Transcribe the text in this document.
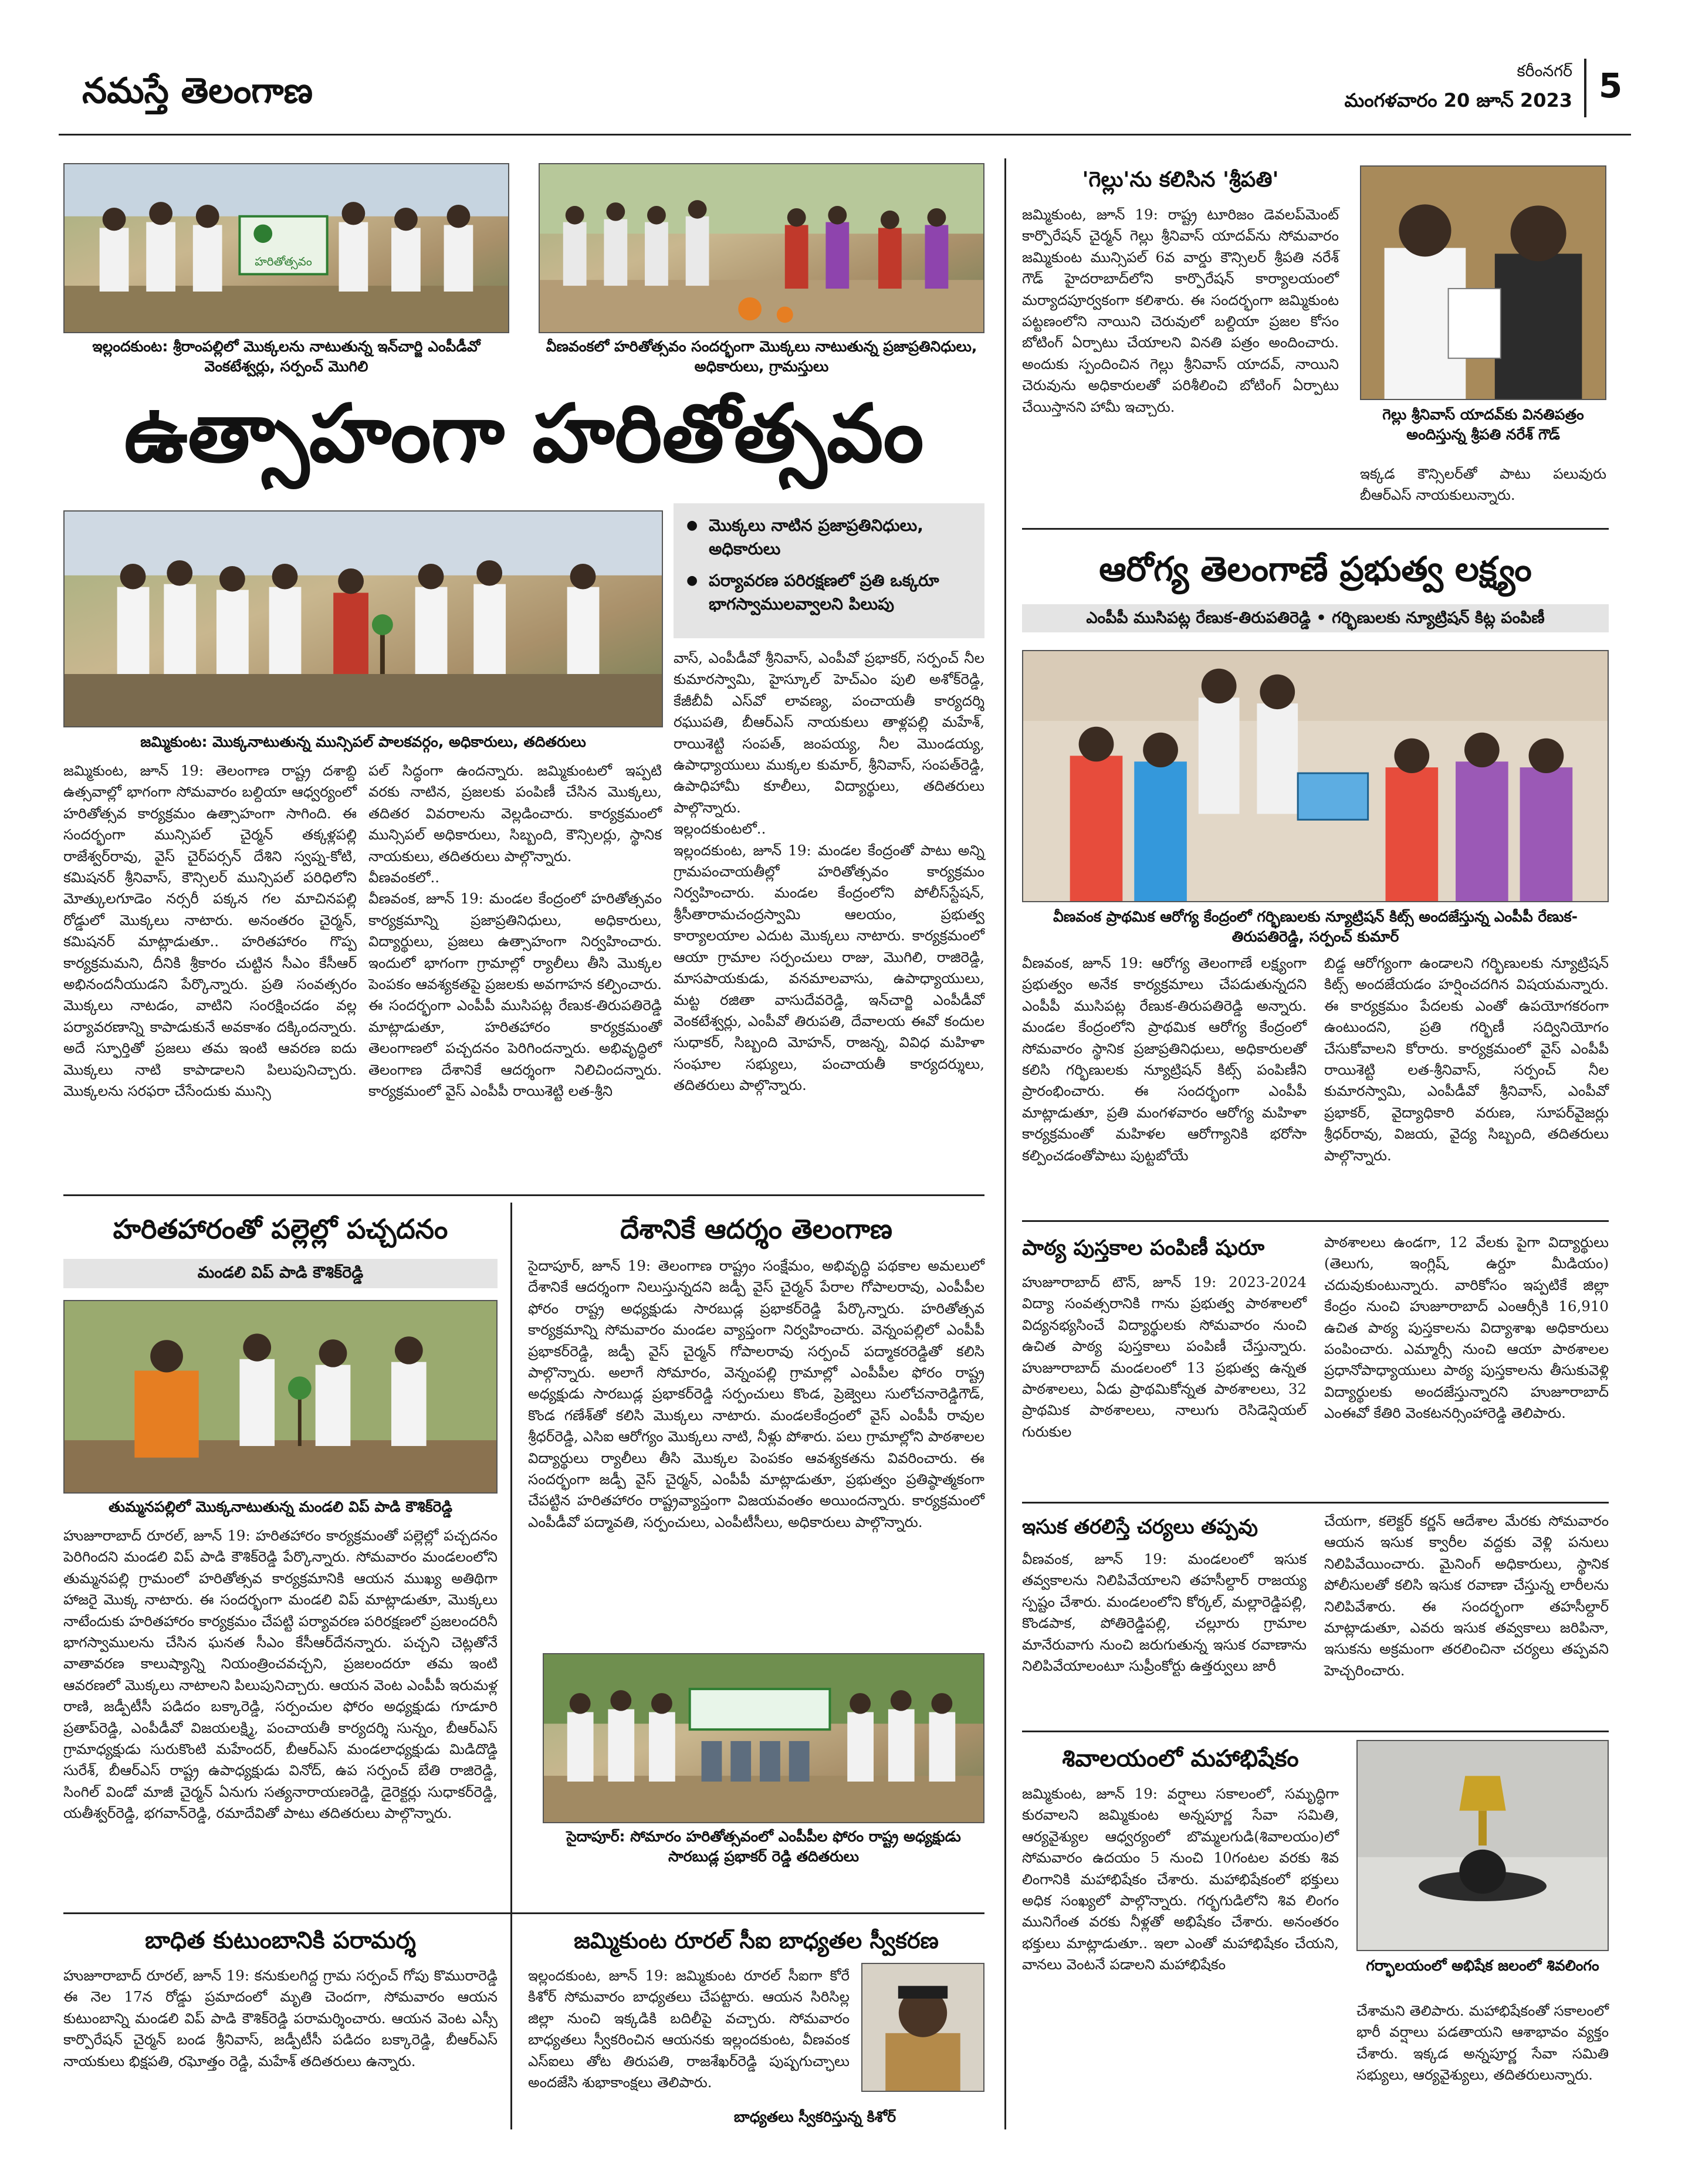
నమస్తే తెలంగాణ	కరీంనగర్
మంగళవారం 20 జూన్ 2023 5
హరితోత్సవం
ఇల్లందకుంట: శ్రీరాంపల్లిలో మొక్కలను నాటుతున్న ఇన్‌చార్జి ఎంపీడీవో వెంకటేశ్వర్లు, సర్పంచ్ మొగిలి
వీణవంకలో హరితోత్సవం సందర్భంగా మొక్కలు నాటుతున్న ప్రజాప్రతినిధులు, అధికారులు, గ్రామస్తులు
ఉత్సాహంగా హరితోత్సవం
జమ్మికుంట: మొక్కనాటుతున్న మున్సిపల్ పాలకవర్గం, అధికారులు, తదితరులు
● మొక్కలు నాటిన ప్రజాప్రతినిధులు, అధికారులు
● పర్యావరణ పరిరక్షణలో ప్రతి ఒక్కరూ భాగస్వాములవ్వాలని పిలుపు
జమ్మికుంట, జూన్ 19: తెలంగాణ రాష్ట్ర దశాబ్ది ఉత్సవాల్లో భాగంగా సోమవారం బల్దియా ఆధ్వర్యంలో హరితోత్సవ కార్యక్రమం ఉత్సాహంగా సాగింది. ఈ సందర్భంగా మున్సిపల్ చైర్మన్ తక్కళ్లపల్లి రాజేశ్వర్‌రావు, వైస్ చైర్‌పర్సన్ దేశిని స్వప్న-కోటి, కమిషనర్ శ్రీనివాస్, కౌన్సిలర్ మున్సిపల్ పరిధిలోని మోత్కులగూడెం నర్సరీ పక్కన గల మాచినపల్లి రోడ్డులో మొక్కలు నాటారు. అనంతరం చైర్మన్, కమిషనర్ మాట్లాడుతూ.. హరితహారం గొప్ప కార్యక్రమమని, దీనికి శ్రీకారం చుట్టిన సీఎం కేసీఆర్ అభినందనీయుడని పేర్కొన్నారు. ప్రతి సంవత్సరం మొక్కలు నాటడం, వాటిని సంరక్షించడం వల్ల పర్యావరణాన్ని కాపాడుకునే అవకాశం దక్కిందన్నారు. అదే స్ఫూర్తితో ప్రజలు తమ ఇంటి ఆవరణ ఐదు మొక్కలు నాటి కాపాడాలని పిలుపునిచ్చారు. మొక్కలను సరఫరా చేసేందుకు మున్సి
పల్ సిద్ధంగా ఉందన్నారు. జమ్మికుంటలో ఇప్పటి వరకు నాటిన, ప్రజలకు పంపిణీ చేసిన మొక్కలు, తదితర వివరాలను వెల్లడించారు. కార్యక్రమంలో మున్సిపల్ అధికారులు, సిబ్బంది, కౌన్సిలర్లు, స్థానిక నాయకులు, తదితరులు పాల్గొన్నారు.
వీణవంకలో..
వీణవంక, జూన్ 19: మండల కేంద్రంలో హరితోత్సవం కార్యక్రమాన్ని ప్రజాప్రతినిధులు, అధికారులు, విద్యార్థులు, ప్రజలు ఉత్సాహంగా నిర్వహించారు. ఇందులో భాగంగా గ్రామాల్లో ర్యాలీలు తీసి మొక్కల పెంపకం ఆవశ్యకతపై ప్రజలకు అవగాహన కల్పించారు. ఈ సందర్భంగా ఎంపీపీ ముసిపట్ల రేణుక-తిరుపతిరెడ్డి మాట్లాడుతూ, హరితహారం కార్యక్రమంతో తెలంగాణలో పచ్చదనం పెరిగిందన్నారు. అభివృద్ధిలో తెలంగాణ దేశానికే ఆదర్శంగా నిలిచిందన్నారు. కార్యక్రమంలో వైస్ ఎంపీపీ రాయిశెట్టి లత-శ్రీని
వాస్, ఎంపీడీవో శ్రీనివాస్, ఎంపీవో ప్రభాకర్, సర్పంచ్ నీల కుమారస్వామి, హైస్కూల్ హెచ్‌ఎం పులి అశోక్‌రెడ్డి, కేజీబీవీ ఎస్‌వో లావణ్య, పంచాయతీ కార్యదర్శి రఘుపతి, బీఆర్‌ఎస్ నాయకులు తాళ్లపల్లి మహేశ్, రాయిశెట్టి సంపత్, జంపయ్య, నీల మొండయ్య, ఉపాధ్యాయులు ముక్కల కుమార్, శ్రీనివాస్, సంపత్‌రెడ్డి, ఉపాధిహామీ కూలీలు, విద్యార్థులు, తదితరులు పాల్గొన్నారు.
ఇల్లందకుంటలో..
ఇల్లందకుంట, జూన్ 19: మండల కేంద్రంతో పాటు అన్ని గ్రామపంచాయతీల్లో హరితోత్సవం కార్యక్రమం నిర్వహించారు. మండల కేంద్రంలోని పోలీస్‌స్టేషన్, శ్రీసీతారామచంద్రస్వామి ఆలయం, ప్రభుత్వ కార్యాలయాల ఎదుట మొక్కలు నాటారు. కార్యక్రమంలో ఆయా గ్రామాల సర్పంచులు రాజు, మొగిలి, రాజిరెడ్డి, మాసపాయకుడు, వనమాలవాసు, ఉపాధ్యాయులు, మట్ట రజితా వాసుదేవరెడ్డి, ఇన్‌చార్జి ఎంపీడీవో వెంకటేశ్వర్లు, ఎంపీవో తిరుపతి, దేవాలయ ఈవో కందుల సుధాకర్, సిబ్బంది మోహన్, రాజన్న, వివిధ మహిళా సంఘాల సభ్యులు, పంచాయతీ కార్యదర్శులు, తదితరులు పాల్గొన్నారు.
'గెల్లు'ను కలిసిన 'శ్రీపతి'
జమ్మికుంట, జూన్ 19: రాష్ట్ర టూరిజం డెవలప్‌మెంట్ కార్పొరేషన్ చైర్మన్ గెల్లు శ్రీనివాస్ యాదవ్‌ను సోమవారం జమ్మికుంట మున్సిపల్ 6వ వార్డు కౌన్సిలర్ శ్రీపతి నరేశ్ గౌడ్ హైదరాబాద్‌లోని కార్పొరేషన్ కార్యాలయంలో మర్యాదపూర్వకంగా కలిశారు. ఈ సందర్భంగా జమ్మికుంట పట్టణంలోని నాయిని చెరువులో బల్దియా ప్రజల కోసం బోటింగ్ ఏర్పాటు చేయాలని వినతి పత్రం అందించారు. అందుకు స్పందించిన గెల్లు శ్రీనివాస్ యాదవ్, నాయిని చెరువును అధికారులతో పరిశీలించి బోటింగ్ ఏర్పాటు చేయిస్తానని హామీ ఇచ్చారు.	గెల్లు శ్రీనివాస్ యాదవ్‌కు వినతిపత్రం అందిస్తున్న శ్రీపతి నరేశ్ గౌడ్
ఇక్కడ కౌన్సిలర్‌తో పాటు పలువురు బీఆర్‌ఎస్ నాయకులున్నారు.
ఆరోగ్య తెలంగాణే ప్రభుత్వ లక్ష్యం
ఎంపీపీ ముసిపట్ల రేణుక-తిరుపతిరెడ్డి • గర్భిణులకు న్యూట్రిషన్ కిట్ల పంపిణీ
వీణవంక ప్రాథమిక ఆరోగ్య కేంద్రంలో గర్భిణులకు న్యూట్రిషన్ కిట్స్ అందజేస్తున్న ఎంపీపీ రేణుక-తిరుపతిరెడ్డి, సర్పంచ్ కుమార్
వీణవంక, జూన్ 19: ఆరోగ్య తెలంగాణే లక్ష్యంగా ప్రభుత్వం అనేక కార్యక్రమాలు చేపడుతున్నదని ఎంపీపీ ముసిపట్ల రేణుక-తిరుపతిరెడ్డి అన్నారు. మండల కేంద్రంలోని ప్రాథమిక ఆరోగ్య కేంద్రంలో సోమవారం స్థానిక ప్రజాప్రతినిధులు, అధికారులతో కలిసి గర్భిణులకు న్యూట్రిషన్ కిట్స్ పంపిణీని ప్రారంభించారు. ఈ సందర్భంగా ఎంపీపీ మాట్లాడుతూ, ప్రతి మంగళవారం ఆరోగ్య మహిళా కార్యక్రమంతో మహిళల ఆరోగ్యానికి భరోసా కల్పించడంతోపాటు పుట్టబోయే
బిడ్డ ఆరోగ్యంగా ఉండాలని గర్భిణులకు న్యూట్రిషన్ కిట్స్ అందజేయడం హర్షించదగిన విషయమన్నారు. ఈ కార్యక్రమం పేదలకు ఎంతో ఉపయోగకరంగా ఉంటుందని, ప్రతి గర్భిణీ సద్వినియోగం చేసుకోవాలని కోరారు. కార్యక్రమంలో వైస్ ఎంపీపీ రాయిశెట్టి లత-శ్రీనివాస్, సర్పంచ్ నీల కుమారస్వామి, ఎంపీడీవో శ్రీనివాస్, ఎంపీవో ప్రభాకర్, వైద్యాధికారి వరుణ, సూపర్‌వైజర్లు శ్రీధర్‌రావు, విజయ, వైద్య సిబ్బంది, తదితరులు పాల్గొన్నారు.
పాఠ్య పుస్తకాల పంపిణీ షురూ
హుజూరాబాద్ టౌన్, జూన్ 19: 2023-2024 విద్యా సంవత్సరానికి గాను ప్రభుత్వ పాఠశాలలో విద్యనభ్యసించే విద్యార్థులకు సోమవారం నుంచి ఉచిత పాఠ్య పుస్తకాలు పంపిణీ చేస్తున్నారు. హుజూరాబాద్ మండలంలో 13 ప్రభుత్వ ఉన్నత పాఠశాలలు, ఏడు ప్రాథమికోన్నత పాఠశాలలు, 32 ప్రాథమిక పాఠశాలలు, నాలుగు రెసిడెన్షియల్ గురుకుల
పాఠశాలలు ఉండగా, 12 వేలకు పైగా విద్యార్థులు (తెలుగు, ఇంగ్లిష్, ఉర్దూ మీడియం) చదువుకుంటున్నారు. వారికోసం ఇప్పటికే జిల్లా కేంద్రం నుంచి హుజూరాబాద్ ఎంఆర్సీకి 16,910 ఉచిత పాఠ్య పుస్తకాలను విద్యాశాఖ అధికారులు పంపించారు. ఎమ్మార్సీ నుంచి ఆయా పాఠశాలల ప్రధానోపాధ్యాయులు పాఠ్య పుస్తకాలను తీసుకువెళ్లి విద్యార్థులకు అందజేస్తున్నారని హుజూరాబాద్ ఎంఈవో కేతిరి వెంకటనర్సింహారెడ్డి తెలిపారు.
ఇసుక తరలిస్తే చర్యలు తప్పవు
వీణవంక, జూన్ 19: మండలంలో ఇసుక తవ్వకాలను నిలిపివేయాలని తహసీల్దార్ రాజయ్య స్పష్టం చేశారు. మండలంలోని కోర్కల్, మల్లారెడ్డిపల్లి, కొండపాక, పోతిరెడ్డిపల్లి, చల్లూరు గ్రామాల మానేరువాగు నుంచి జరుగుతున్న ఇసుక రవాణాను నిలిపివేయాలంటూ సుప్రీంకోర్టు ఉత్తర్వులు జారీ
చేయగా, కలెక్టర్ కర్ణన్ ఆదేశాల మేరకు సోమవారం ఆయన ఇసుక క్వారీల వద్దకు వెళ్లి పనులు నిలిపివేయించారు. మైనింగ్ అధికారులు, స్థానిక పోలీసులతో కలిసి ఇసుక రవాణా చేస్తున్న లారీలను నిలిపివేశారు. ఈ సందర్భంగా తహసీల్దార్ మాట్లాడుతూ, ఎవరు ఇసుక తవ్వకాలు జరిపినా, ఇసుకను అక్రమంగా తరలించినా చర్యలు తప్పవని హెచ్చరించారు.
శివాలయంలో మహాభిషేకం
జమ్మికుంట, జూన్ 19: వర్షాలు సకాలంలో, సమృద్ధిగా కురవాలని జమ్మికుంట అన్నపూర్ణ సేవా సమితి, ఆర్యవైశ్యుల ఆధ్వర్యంలో బొమ్మలగుడి(శివాలయం)లో సోమవారం ఉదయం 5 నుంచి 10గంటల వరకు శివ లింగానికి మహాభిషేకం చేశారు. మహాభిషేకంలో భక్తులు అధిక సంఖ్యలో పాల్గొన్నారు. గర్భగుడిలోని శివ లింగం మునిగేంత వరకు నీళ్లతో అభిషేకం చేశారు. అనంతరం భక్తులు మాట్లాడుతూ.. ఇలా ఎంతో మహాభిషేకం చేయని, వానలు వెంటనే పడాలని మహాభిషేకం	గర్భాలయంలో అభిషేక జలంలో శివలింగం
చేశామని తెలిపారు. మహాభిషేకంతో సకాలంలో భారీ వర్షాలు పడతాయని ఆశాభావం వ్యక్తం చేశారు. ఇక్కడ అన్నపూర్ణ సేవా సమితి సభ్యులు, ఆర్యవైశ్యులు, తదితరులున్నారు.
హరితహారంతో పల్లెల్లో పచ్చదనం
మండలి విప్ పాడి కౌశిక్‌రెడ్డి
తుమ్మనపల్లిలో మొక్కనాటుతున్న మండలి విప్ పాడి కౌశిక్‌రెడ్డి
హుజూరాబాద్ రూరల్, జూన్ 19: హరితహారం కార్యక్రమంతో పల్లెల్లో పచ్చదనం పెరిగిందని మండలి విప్ పాడి కౌశిక్‌రెడ్డి పేర్కొన్నారు. సోమవారం మండలంలోని తుమ్మనపల్లి గ్రామంలో హరితోత్సవ కార్యక్రమానికి ఆయన ముఖ్య అతిథిగా హాజరై మొక్క నాటారు. ఈ సందర్భంగా మండలి విప్ మాట్లాడుతూ, మొక్కలు నాటేందుకు హరితహారం కార్యక్రమం చేపట్టి పర్యావరణ పరిరక్షణలో ప్రజలందరినీ భాగస్వాములను చేసిన ఘనత సీఎం కేసీఆర్‌దేనన్నారు. పచ్చని చెట్లతోనే వాతావరణ కాలుష్యాన్ని నియంత్రించవచ్చని, ప్రజలందరూ తమ ఇంటి ఆవరణలో మొక్కలు నాటాలని పిలుపునిచ్చారు. ఆయన వెంట ఎంపీపీ ఇరుమళ్ల రాణి, జడ్పీటీసీ పడిదం బక్కారెడ్డి, సర్పంచుల ఫోరం అధ్యక్షుడు గూడూరి ప్రతాప్‌రెడ్డి, ఎంపీడీవో విజయలక్ష్మి, పంచాయతీ కార్యదర్శి సున్నం, బీఆర్‌ఎస్ గ్రామాధ్యక్షుడు సురుకొంటి మహేందర్, బీఆర్‌ఎస్ మండలాధ్యక్షుడు మిడిదొడ్డి సురేశ్, బీఆర్‌ఎస్ రాష్ట్ర ఉపాధ్యక్షుడు వినోద్, ఉప సర్పంచ్ బేతి రాజిరెడ్డి, సింగిల్ విండో మాజీ చైర్మన్ ఏనుగు సత్యనారాయణరెడ్డి, డైరెక్టర్లు సుధాకర్‌రెడ్డి, యతీశ్వర్‌రెడ్డి, భగవాన్‌రెడ్డి, రమాదేవితో పాటు తదితరులు పాల్గొన్నారు.
దేశానికే ఆదర్శం తెలంగాణ
సైదాపూర్, జూన్ 19: తెలంగాణ రాష్ట్రం సంక్షేమం, అభివృద్ధి పథకాల అమలులో దేశానికే ఆదర్శంగా నిలుస్తున్నదని జడ్పీ వైస్ చైర్మన్ పేరాల గోపాలరావు, ఎంపీపీల ఫోరం రాష్ట్ర అధ్యక్షుడు సారబుడ్ల ప్రభాకర్‌రెడ్డి పేర్కొన్నారు. హరితోత్సవ కార్యక్రమాన్ని సోమవారం మండల వ్యాప్తంగా నిర్వహించారు. వెన్నంపల్లిలో ఎంపీపీ ప్రభాకర్‌రెడ్డి, జడ్పీ వైస్ చైర్మన్ గోపాలరావు సర్పంచ్ పద్మాకరరెడ్డితో కలిసి పాల్గొన్నారు. అలాగే సోమారం, వెన్నంపల్లి గ్రామాల్లో ఎంపీపీల ఫోరం రాష్ట్ర అధ్యక్షుడు సారబుడ్ల ప్రభాకర్‌రెడ్డి సర్పంచులు కొండ, ప్రెజ్వెలు సులోచనారెడ్డిగౌడ్, కొండ గణేశ్‌తో కలిసి మొక్కలు నాటారు. మండలకేంద్రంలో వైస్ ఎంపీపీ రావుల శ్రీధర్‌రెడ్డి, ఎసిఐ ఆరోగ్యం మొక్కలు నాటి, నీళ్లు పోశారు. పలు గ్రామాల్లోని పాఠశాలల విద్యార్థులు ర్యాలీలు తీసి మొక్కల పెంపకం ఆవశ్యకతను వివరించారు. ఈ సందర్భంగా జడ్పీ వైస్ చైర్మన్, ఎంపీపీ మాట్లాడుతూ, ప్రభుత్వం ప్రతిష్ఠాత్మకంగా చేపట్టిన హరితహారం రాష్ట్రవ్యాప్తంగా విజయవంతం అయిందన్నారు. కార్యక్రమంలో ఎంపీడీవో పద్మావతి, సర్పంచులు, ఎంపీటీసీలు, అధికారులు పాల్గొన్నారు.
సైదాపూర్: సోమారం హరితోత్సవంలో ఎంపీపీల ఫోరం రాష్ట్ర అధ్యక్షుడు సారబుడ్ల ప్రభాకర్ రెడ్డి తదితరులు
బాధిత కుటుంబానికి పరామర్శ
హుజూరాబాద్ రూరల్, జూన్ 19: కనుకులగిద్ద గ్రామ సర్పంచ్ గోపు కొమురారెడ్డి ఈ నెల 17న రోడ్డు ప్రమాదంలో మృతి చెందగా, సోమవారం ఆయన కుటుంబాన్ని మండలి విప్ పాడి కౌశిక్‌రెడ్డి పరామర్శించారు. ఆయన వెంట ఎస్సీ కార్పొరేషన్ చైర్మన్ బండ శ్రీనివాస్, జడ్పీటీసీ పడిదం బక్కారెడ్డి, బీఆర్‌ఎస్ నాయకులు భిక్షపతి, రఘోత్తం రెడ్డి, మహేశ్ తదితరులు ఉన్నారు.
జమ్మికుంట రూరల్ సీఐ బాధ్యతల స్వీకరణ
ఇల్లందకుంట, జూన్ 19: జమ్మికుంట రూరల్ సీఐగా కోరే కిశోర్ సోమవారం బాధ్యతలు చేపట్టారు. ఆయన సిరిసిల్ల జిల్లా నుంచి ఇక్కడికి బదిలీపై వచ్చారు. సోమవారం బాధ్యతలు స్వీకరించిన ఆయనకు ఇల్లందకుంట, వీణవంక ఎస్‌ఐలు తోట తిరుపతి, రాజశేఖర్‌రెడ్డి పుష్పగుచ్ఛాలు అందజేసి శుభాకాంక్షలు తెలిపారు.
బాధ్యతలు స్వీకరిస్తున్న కిశోర్
